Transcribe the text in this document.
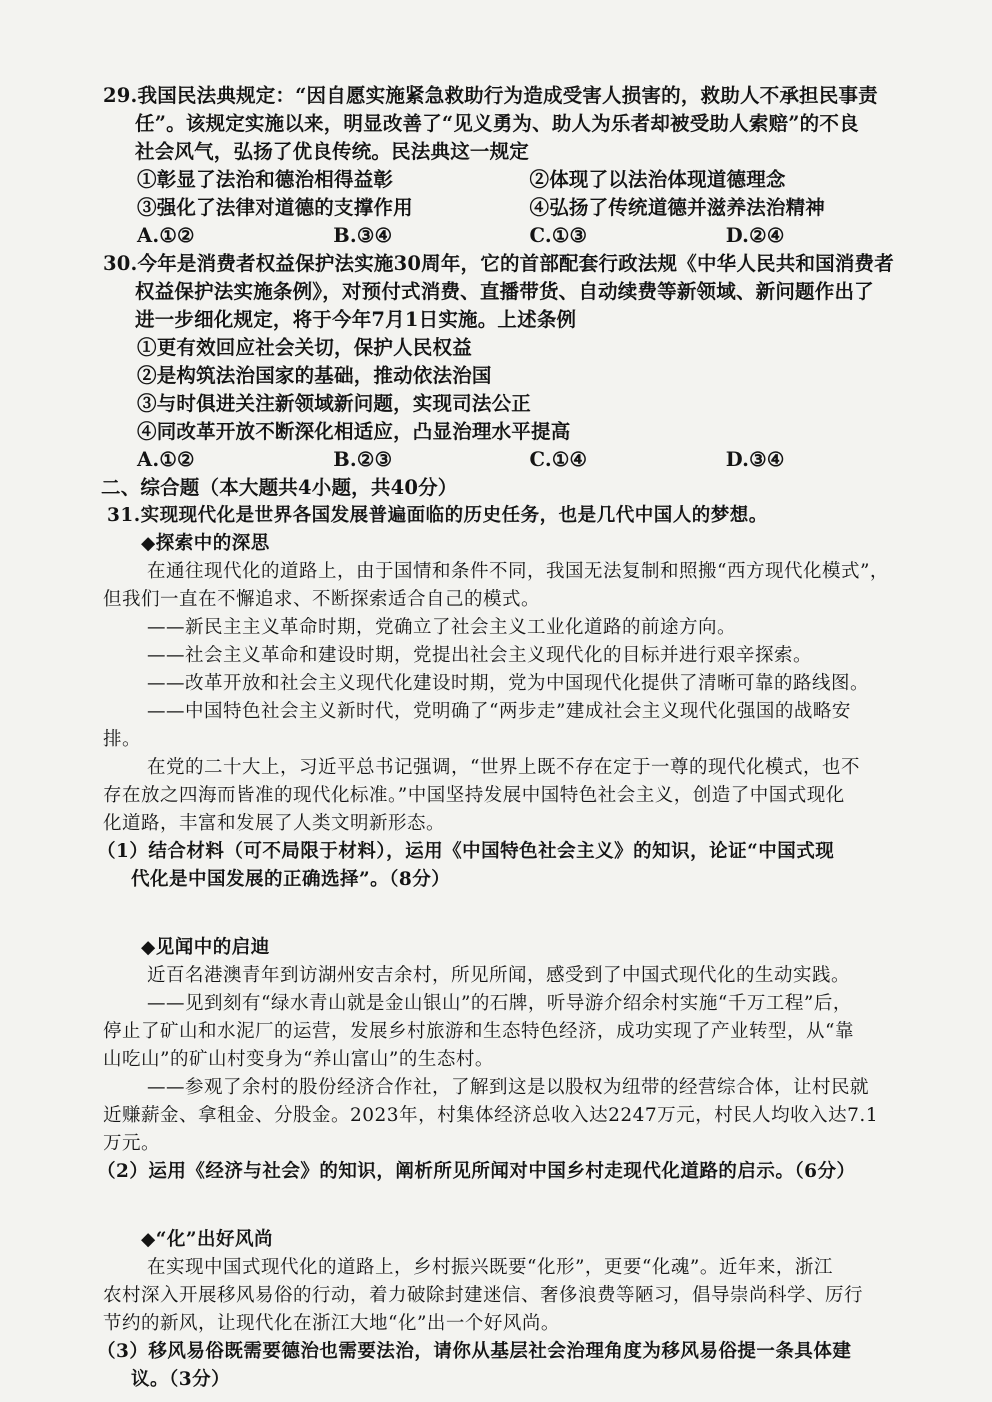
29.我国民法典规定：“因自愿实施紧急救助行为造成受害人损害的，救助人不承担民事责
任”。该规定实施以来，明显改善了“见义勇为、助人为乐者却被受助人索赔”的不良
社会风气，弘扬了优良传统。民法典这一规定
①彰显了法治和德治相得益彰	②体现了以法治体现道德理念
③强化了法律对道德的支撑作用	④弘扬了传统道德并滋养法治精神
A.①②	B.③④	C.①③	D.②④
30.今年是消费者权益保护法实施30周年，它的首部配套行政法规《中华人民共和国消费者
权益保护法实施条例》，对预付式消费、直播带货、自动续费等新领域、新问题作出了
进一步细化规定，将于今年7月1日实施。上述条例
①更有效回应社会关切，保护人民权益
②是构筑法治国家的基础，推动依法治国
③与时俱进关注新领域新问题，实现司法公正
④同改革开放不断深化相适应，凸显治理水平提高
A.①②	B.②③	C.①④	D.③④
二、综合题（本大题共4小题，共40分）
31.实现现代化是世界各国发展普遍面临的历史任务，也是几代中国人的梦想。
◆探索中的深思
在通往现代化的道路上，由于国情和条件不同，我国无法复制和照搬“西方现代化模式”，
但我们一直在不懈追求、不断探索适合自己的模式。
——新民主主义革命时期，党确立了社会主义工业化道路的前途方向。
——社会主义革命和建设时期，党提出社会主义现代化的目标并进行艰辛探索。
——改革开放和社会主义现代化建设时期，党为中国现代化提供了清晰可靠的路线图。
——中国特色社会主义新时代，党明确了“两步走”建成社会主义现代化强国的战略安
排。
在党的二十大上，习近平总书记强调，“世界上既不存在定于一尊的现代化模式，也不
存在放之四海而皆准的现代化标准。”中国坚持发展中国特色社会主义，创造了中国式现化
化道路，丰富和发展了人类文明新形态。
（1）结合材料（可不局限于材料），运用《中国特色社会主义》的知识，论证“中国式现
代化是中国发展的正确选择”。（8分）
◆见闻中的启迪
近百名港澳青年到访湖州安吉余村，所见所闻，感受到了中国式现代化的生动实践。
——见到刻有“绿水青山就是金山银山”的石牌，听导游介绍余村实施“千万工程”后，
停止了矿山和水泥厂的运营，发展乡村旅游和生态特色经济，成功实现了产业转型，从“靠
山吃山”的矿山村变身为“养山富山”的生态村。
——参观了余村的股份经济合作社，了解到这是以股权为纽带的经营综合体，让村民就
近赚薪金、拿租金、分股金。2023年，村集体经济总收入达2247万元，村民人均收入达7.1
万元。
（2）运用《经济与社会》的知识，阐析所见所闻对中国乡村走现代化道路的启示。（6分）
◆“化”出好风尚
在实现中国式现代化的道路上，乡村振兴既要“化形”，更要“化魂”。近年来，浙江
农村深入开展移风易俗的行动，着力破除封建迷信、奢侈浪费等陋习，倡导崇尚科学、厉行
节约的新风，让现代化在浙江大地“化”出一个好风尚。
（3）移风易俗既需要德治也需要法治，请你从基层社会治理角度为移风易俗提一条具体建
议。（3分）
